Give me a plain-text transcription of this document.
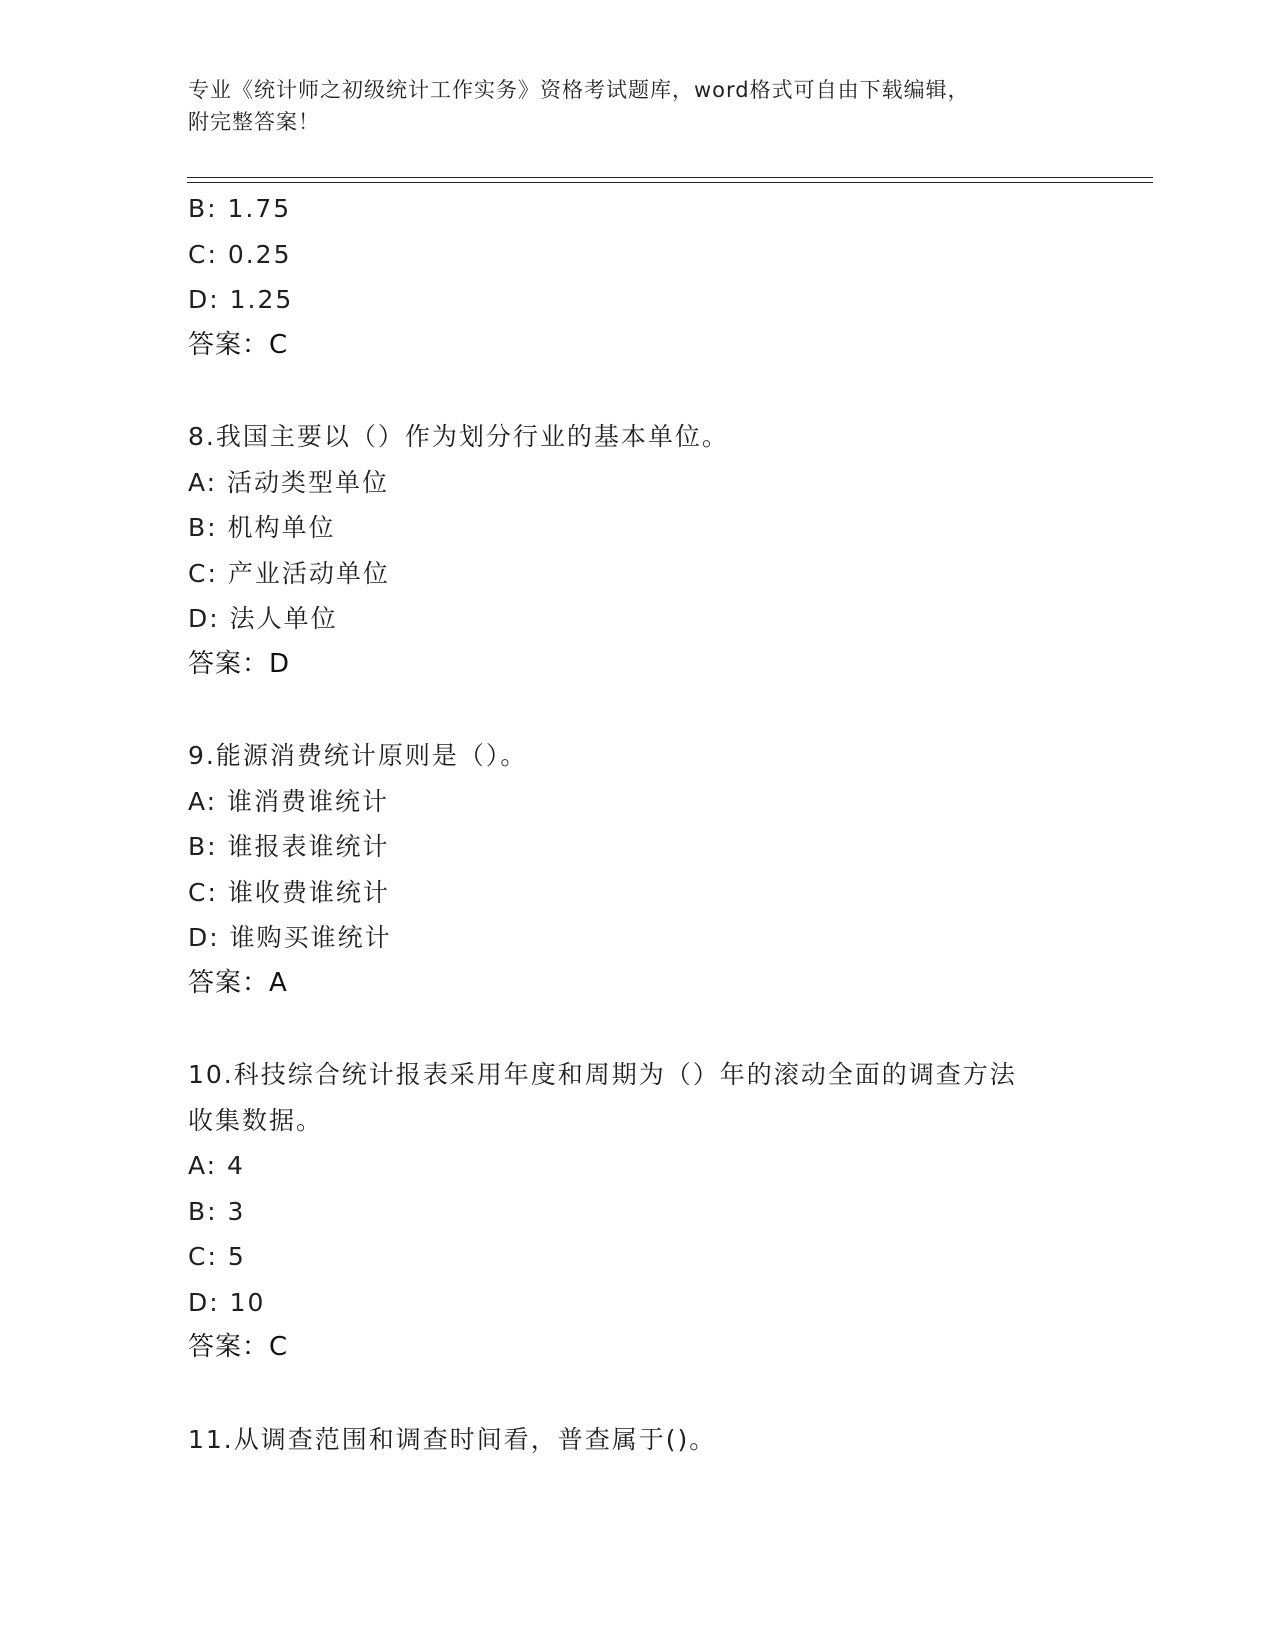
专业《统计师之初级统计工作实务》资格考试题库，word格式可自由下载编辑，
附完整答案！
B: 1.75
C: 0.25
D: 1.25
答案：C
8.我国主要以（）作为划分行业的基本单位。
A: 活动类型单位
B: 机构单位
C: 产业活动单位
D: 法人单位
答案：D
9.能源消费统计原则是（）。
A: 谁消费谁统计
B: 谁报表谁统计
C: 谁收费谁统计
D: 谁购买谁统计
答案：A
10.科技综合统计报表采用年度和周期为（）年的滚动全面的调查方法
收集数据。
A: 4
B: 3
C: 5
D: 10
答案：C
11.从调查范围和调查时间看，普查属于()。
